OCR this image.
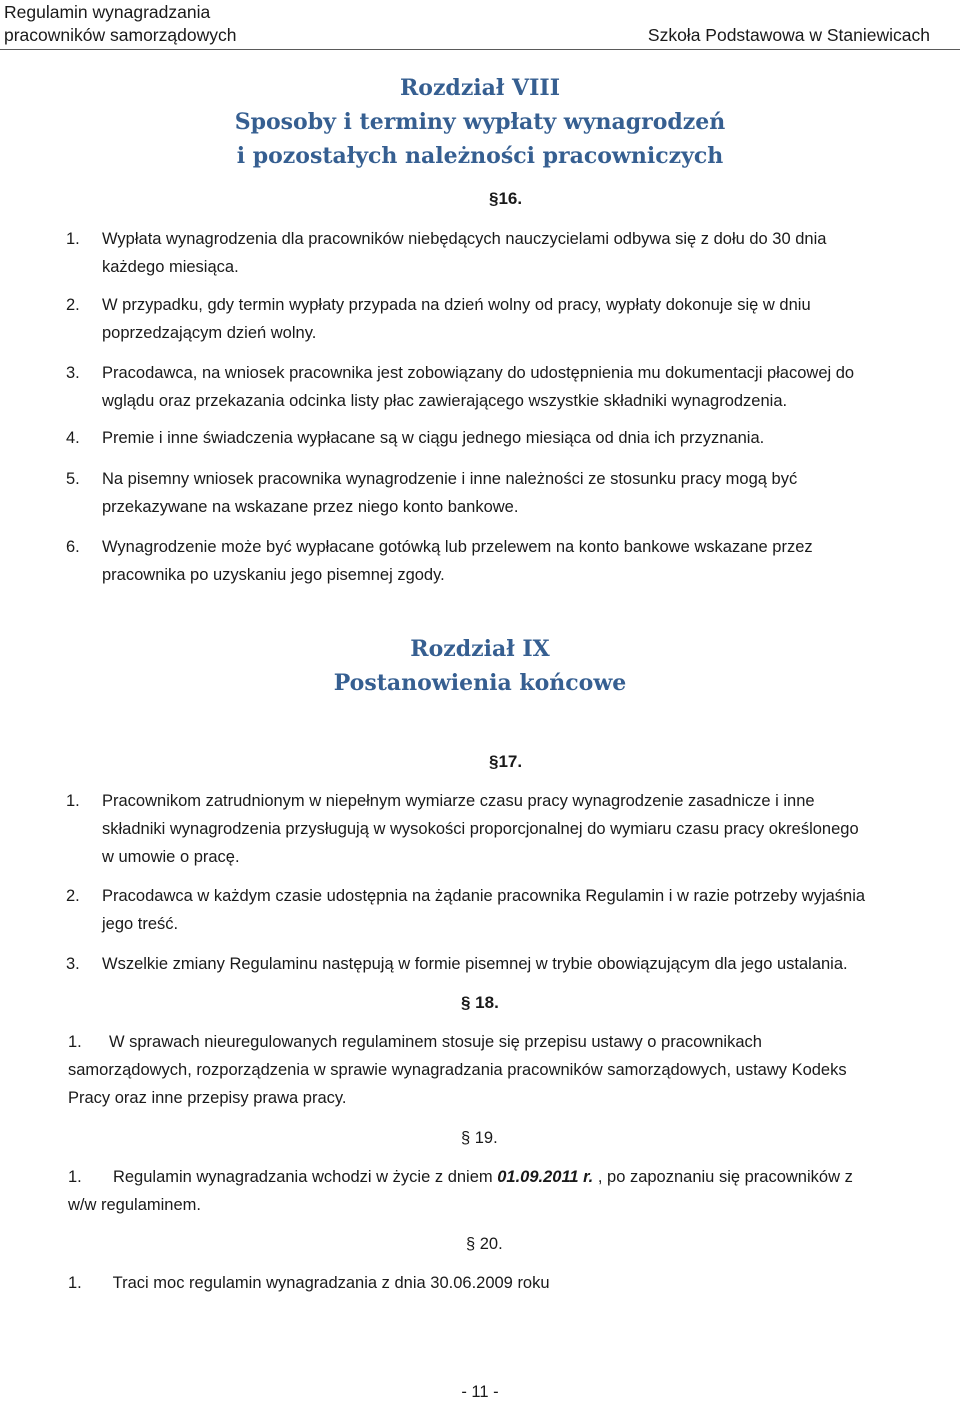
Regulamin wynagradzania
pracowników samorządowych	Szkoła Podstawowa w Staniewicach
Rozdział VIII
Sposoby i terminy wypłaty wynagrodzeń
i pozostałych należności pracowniczych
§16.
1. Wypłata wynagrodzenia dla pracowników niebędących nauczycielami odbywa się z dołu do 30 dnia
każdego miesiąca.
2. W przypadku, gdy termin wypłaty przypada na dzień wolny od pracy, wypłaty dokonuje się w dniu
poprzedzającym dzień wolny.
3. Pracodawca, na wniosek pracownika jest zobowiązany do udostępnienia mu dokumentacji płacowej do
wglądu oraz przekazania odcinka listy płac zawierającego wszystkie składniki wynagrodzenia.
4. Premie i inne świadczenia wypłacane są w ciągu jednego miesiąca od dnia ich przyznania.
5. Na pisemny wniosek pracownika wynagrodzenie i inne należności ze stosunku pracy mogą być
przekazywane na wskazane przez niego konto bankowe.
6. Wynagrodzenie może być wypłacane gotówką lub przelewem na konto bankowe wskazane przez
pracownika po uzyskaniu jego pisemnej zgody.
Rozdział IX
Postanowienia końcowe
§17.
1. Pracownikom zatrudnionym w niepełnym wymiarze czasu pracy wynagrodzenie zasadnicze i inne
składniki wynagrodzenia przysługują w wysokości proporcjonalnej do wymiaru czasu pracy określonego
w umowie o pracę.
2. Pracodawca w każdym czasie udostępnia na żądanie pracownika Regulamin i w razie potrzeby wyjaśnia
jego treść.
3. Wszelkie zmiany Regulaminu następują w formie pisemnej w trybie obowiązującym dla jego ustalania.
§ 18.
1. W sprawach nieuregulowanych regulaminem stosuje się przepisu ustawy o pracownikach
samorządowych, rozporządzenia w sprawie wynagradzania pracowników samorządowych, ustawy Kodeks
Pracy oraz inne przepisy prawa pracy.
§ 19.
1. Regulamin wynagradzania wchodzi w życie z dniem 01.09.2011 r. , po zapoznaniu się pracowników z
w/w regulaminem.
§ 20.
1. Traci moc regulamin wynagradzania z dnia 30.06.2009 roku
- 11 -
